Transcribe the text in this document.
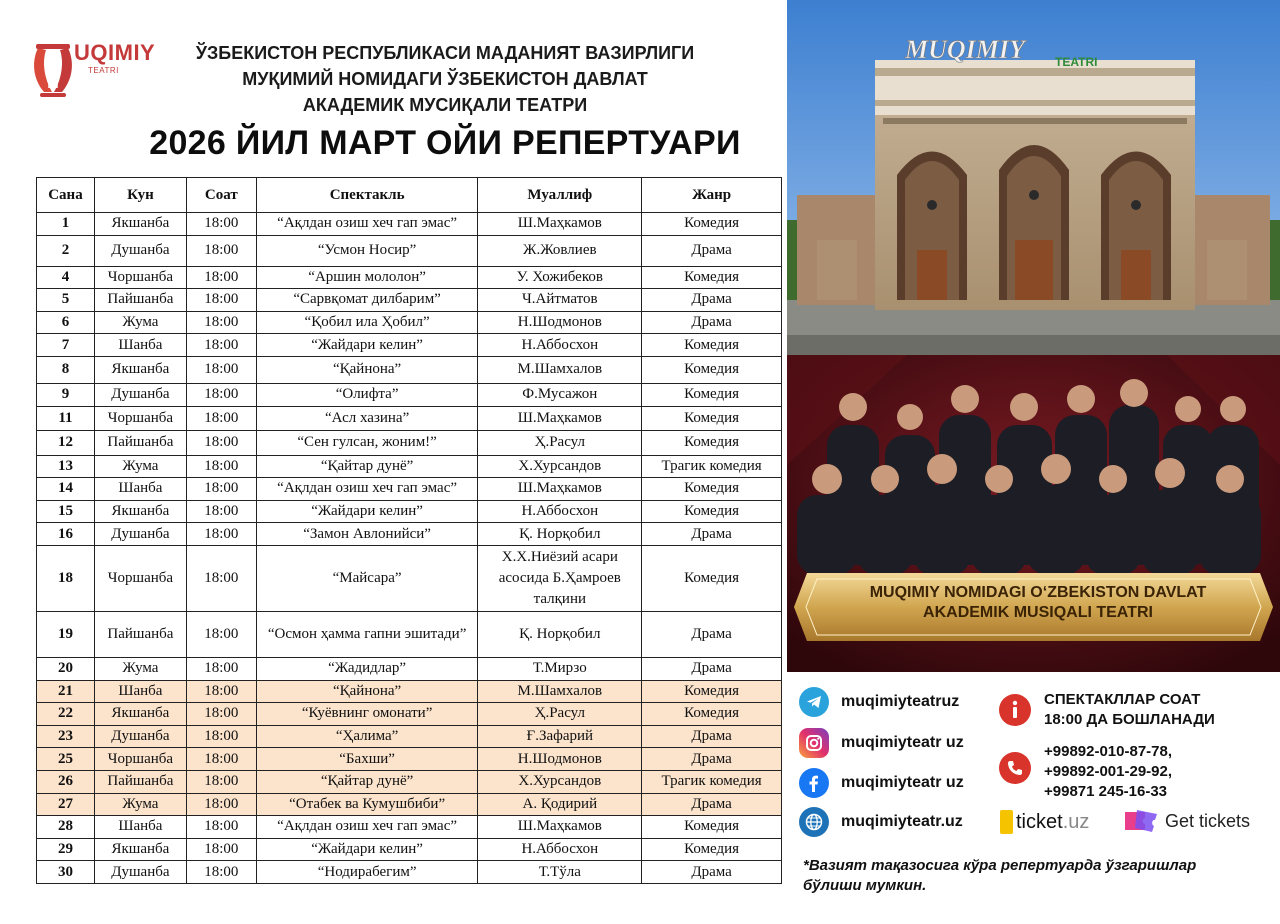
UQIMIY
TEATRI
ЎЗБЕКИСТОН РЕСПУБЛИКАСИ МАДАНИЯТ ВАЗИРЛИГИ
МУҚИМИЙ НОМИДАГИ ЎЗБЕКИСТОН ДАВЛАТ
АКАДЕМИК МУСИҚАЛИ ТЕАТРИ
2026 ЙИЛ МАРТ ОЙИ РЕПЕРТУАРИ
Сана	Кун	Соат	Спектакль	Муаллиф	Жанр
1	Якшанба	18:00	“Ақлдан озиш хеч гап эмас”	Ш.Маҳкамов	Комедия
2	Душанба	18:00	“Усмон Носир”	Ж.Жовлиев	Драма
4	Чоршанба	18:00	“Аршин мололон”	У. Хожибеков	Комедия
5	Пайшанба	18:00	“Сарвқомат дилбарим”	Ч.Айтматов	Драма
6	Жума	18:00	“Қобил ила Ҳобил”	Н.Шодмонов	Драма
7	Шанба	18:00	“Жайдари келин”	Н.Аббосхон	Комедия
8	Якшанба	18:00	“Қайнона”	М.Шамхалов	Комедия
9	Душанба	18:00	“Олифта”	Ф.Мусажон	Комедия
11	Чоршанба	18:00	“Асл хазина”	Ш.Маҳкамов	Комедия
12	Пайшанба	18:00	“Сен гулсан, жоним!”	Ҳ.Расул	Комедия
13	Жума	18:00	“Қайтар дунё”	Х.Хурсандов	Трагик комедия
14	Шанба	18:00	“Ақлдан озиш хеч гап эмас”	Ш.Маҳкамов	Комедия
15	Якшанба	18:00	“Жайдари келин”	Н.Аббосхон	Комедия
16	Душанба	18:00	“Замон Авлонийси”	Қ. Норқобил	Драма
18	Чоршанба	18:00	“Майсара”	Х.Х.Ниёзий асари асосида Б.Ҳамроев талқини	Комедия
19	Пайшанба	18:00	“Осмон ҳамма гапни эшитади”	Қ. Норқобил	Драма
20	Жума	18:00	“Жадидлар”	Т.Мирзо	Драма
21	Шанба	18:00	“Қайнона”	М.Шамхалов	Комедия
22	Якшанба	18:00	“Куёвнинг омонати”	Ҳ.Расул	Комедия
23	Душанба	18:00	“Ҳалима”	Ғ.Зафарий	Драма
25	Чоршанба	18:00	“Бахши”	Н.Шодмонов	Драма
26	Пайшанба	18:00	“Қайтар дунё”	Х.Хурсандов	Трагик комедия
27	Жума	18:00	“Отабек ва Кумушбиби”	А. Қодирий	Драма
28	Шанба	18:00	“Ақлдан озиш хеч гап эмас”	Ш.Маҳкамов	Комедия
29	Якшанба	18:00	“Жайдари келин”	Н.Аббосхон	Комедия
30	Душанба	18:00	“Нодирабегим”	Т.Тўла	Драма
MUQIMIY	TEATRI
MUQIMIY NOMIDAGI O‘ZBEKISTON DAVLAT
AKADEMIK MUSIQALI TEATRI
muqimiyteatruz
muqimiyteatr uz
muqimiyteatr uz
muqimiyteatr.uz
СПЕКТАКЛЛАР СОАТ
18:00 ДА БОШЛАНАДИ
+99892-010-87-78,
+99892-001-29-92,
+99871 245-16-33
ticket .uz	Get tickets
*Вазият тақазосига кўра репертуарда ўзгаришлар
бўлиши мумкин.
